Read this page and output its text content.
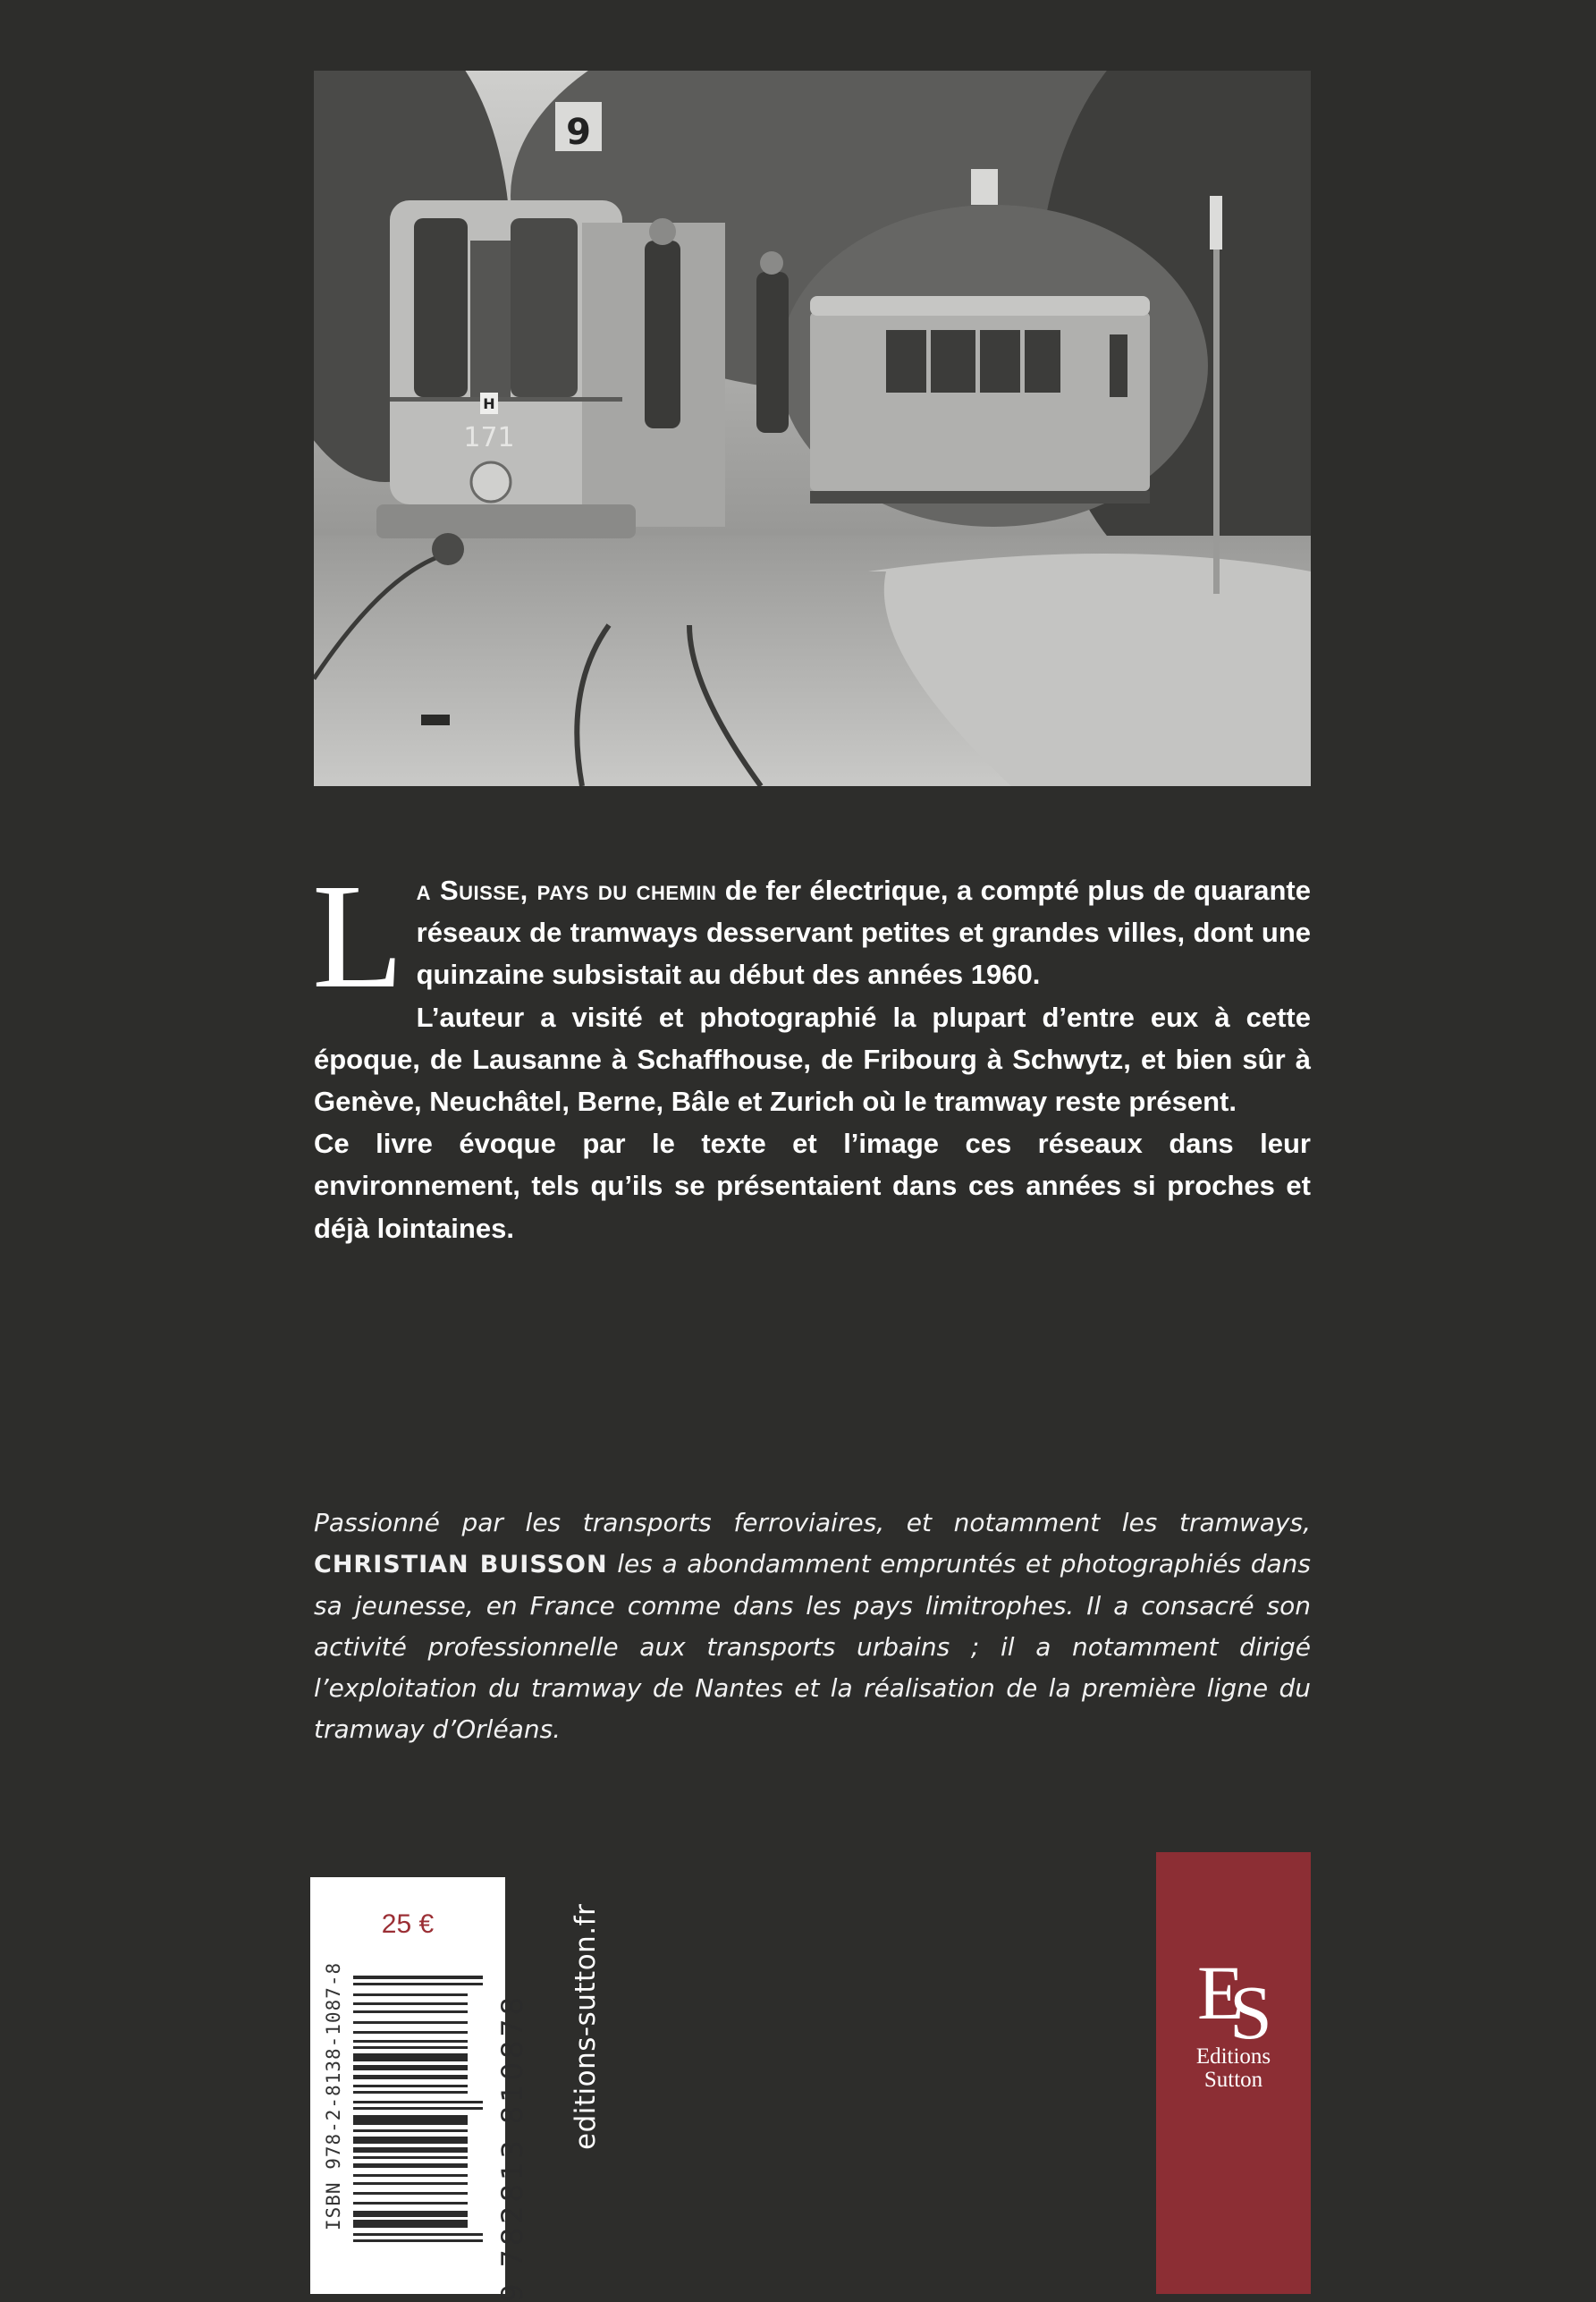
9
H
171

La Suisse, pays du chemin de fer électrique, a compté plus de quarante réseaux de tramways desservant petites et grandes villes, dont une quinzaine subsistait au début des années 1960.

L’auteur a visité et photographié la plupart d’entre eux à cette époque, de Lausanne à Schaffhouse, de Fribourg à Schwytz, et bien sûr à Genève, Neuchâtel, Berne, Bâle et Zurich où le tramway reste présent.

Ce livre évoque par le texte et l’image ces réseaux dans leur environnement, tels qu’ils se présentaient dans ces années si proches et déjà lointaines.

Passionné par les transports ferroviaires, et notamment les tramways, CHRISTIAN BUISSON les a abondamment empruntés et photographiés dans sa jeunesse, en France comme dans les pays limitrophes. Il a consacré son activité professionnelle aux transports urbains ; il a notamment dirigé l’exploitation du tramway de Nantes et la réalisation de la première ligne du tramway d’Orléans.

25 €
ISBN 978-2-8138-1087-8	9 782813 810878 editions-sutton.fr	E
S
Editions
Sutton
